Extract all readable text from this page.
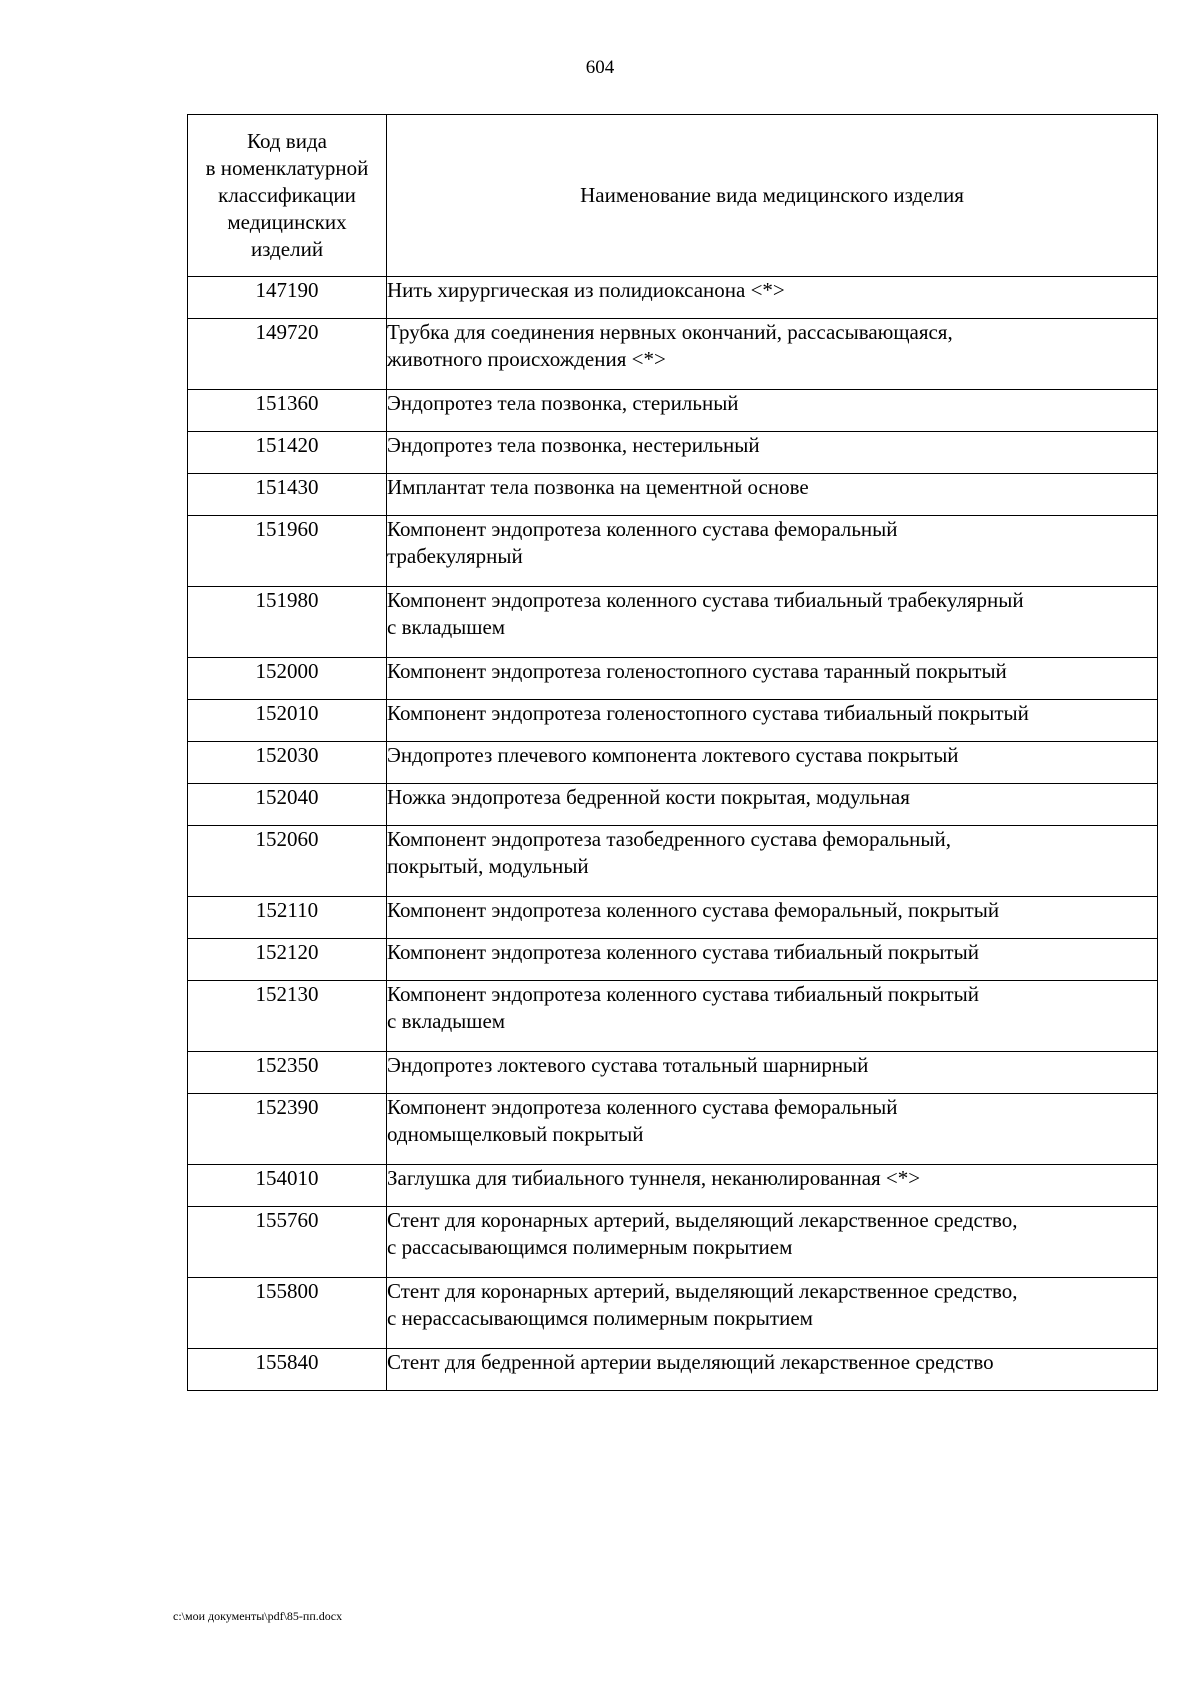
604
Код вида
в номенклатурной
классификации
медицинских
изделий	Наименование вида медицинского изделия
147190	Нить хирургическая из полидиоксанона <*>
149720	Трубка для соединения нервных окончаний, рассасывающаяся,
животного происхождения <*>
151360	Эндопротез тела позвонка, стерильный
151420	Эндопротез тела позвонка, нестерильный
151430	Имплантат тела позвонка на цементной основе
151960	Компонент эндопротеза коленного сустава феморальный
трабекулярный
151980	Компонент эндопротеза коленного сустава тибиальный трабекулярный
с вкладышем
152000	Компонент эндопротеза голеностопного сустава таранный покрытый
152010	Компонент эндопротеза голеностопного сустава тибиальный покрытый
152030	Эндопротез плечевого компонента локтевого сустава покрытый
152040	Ножка эндопротеза бедренной кости покрытая, модульная
152060	Компонент эндопротеза тазобедренного сустава феморальный,
покрытый, модульный
152110	Компонент эндопротеза коленного сустава феморальный, покрытый
152120	Компонент эндопротеза коленного сустава тибиальный покрытый
152130	Компонент эндопротеза коленного сустава тибиальный покрытый
с вкладышем
152350	Эндопротез локтевого сустава тотальный шарнирный
152390	Компонент эндопротеза коленного сустава феморальный
одномыщелковый покрытый
154010	Заглушка для тибиального туннеля, неканюлированная <*>
155760	Стент для коронарных артерий, выделяющий лекарственное средство,
с рассасывающимся полимерным покрытием
155800	Стент для коронарных артерий, выделяющий лекарственное средство,
с нерассасывающимся полимерным покрытием
155840	Стент для бедренной артерии выделяющий лекарственное средство
c:\мои документы\pdf\85-пп.docx
